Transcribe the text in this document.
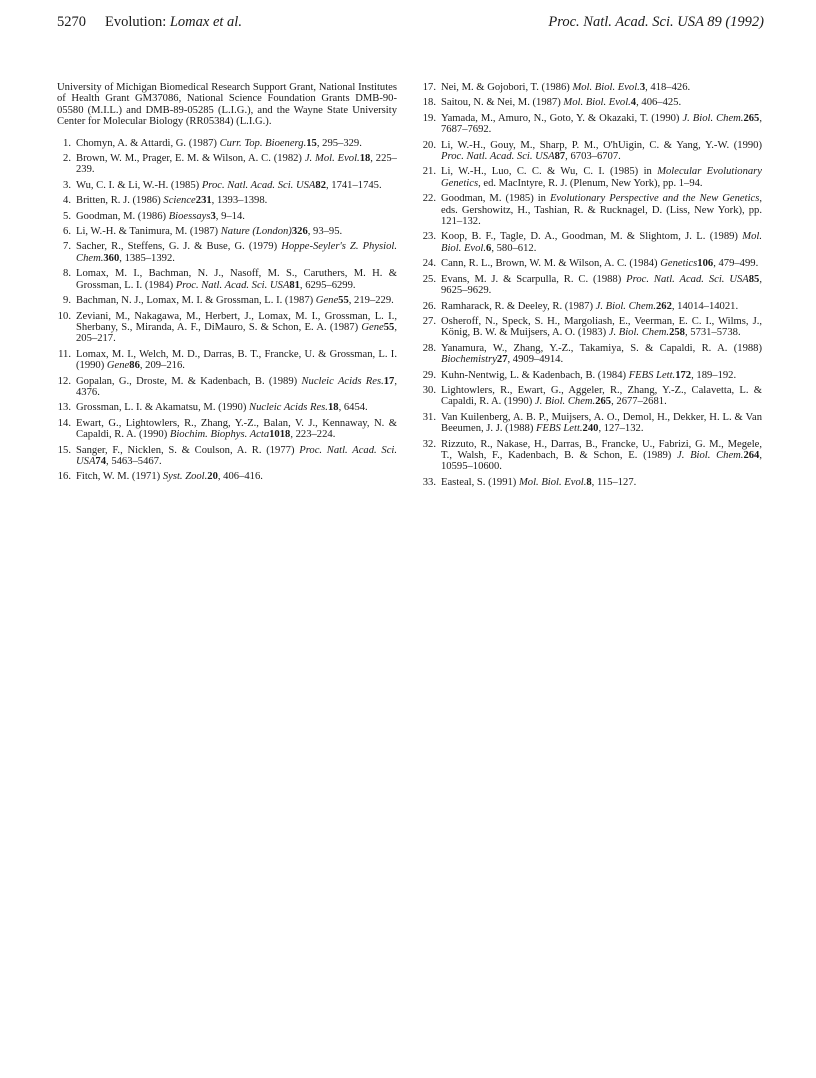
5270 Evolution: Lomax et al.	Proc. Natl. Acad. Sci. USA 89 (1992)

University of Michigan Biomedical Research Support Grant, National Institutes of Health Grant GM37086, National Science Foundation Grants DMB-90-05580 (M.I.L.) and DMB-89-05285 (L.I.G.), and the Wayne State University Center for Molecular Biology (RR05384) (L.I.G.).

1. Chomyn, A. & Attardi, G. (1987) Curr. Top. Bioenerg.15, 295–329.
2. Brown, W. M., Prager, E. M. & Wilson, A. C. (1982) J. Mol. Evol.18, 225–239.
3. Wu, C. I. & Li, W.-H. (1985) Proc. Natl. Acad. Sci. USA82, 1741–1745.
4. Britten, R. J. (1986) Science231, 1393–1398.
5. Goodman, M. (1986) Bioessays3, 9–14.
6. Li, W.-H. & Tanimura, M. (1987) Nature (London)326, 93–95.
7. Sacher, R., Steffens, G. J. & Buse, G. (1979) Hoppe-Seyler's Z. Physiol. Chem.360, 1385–1392.
8. Lomax, M. I., Bachman, N. J., Nasoff, M. S., Caruthers, M. H. & Grossman, L. I. (1984) Proc. Natl. Acad. Sci. USA81, 6295–6299.
9. Bachman, N. J., Lomax, M. I. & Grossman, L. I. (1987) Gene55, 219–229.
10. Zeviani, M., Nakagawa, M., Herbert, J., Lomax, M. I., Grossman, L. I., Sherbany, S., Miranda, A. F., DiMauro, S. & Schon, E. A. (1987) Gene55, 205–217.
11. Lomax, M. I., Welch, M. D., Darras, B. T., Francke, U. & Grossman, L. I. (1990) Gene86, 209–216.
12. Gopalan, G., Droste, M. & Kadenbach, B. (1989) Nucleic Acids Res.17, 4376.
13. Grossman, L. I. & Akamatsu, M. (1990) Nucleic Acids Res.18, 6454.
14. Ewart, G., Lightowlers, R., Zhang, Y.-Z., Balan, V. J., Kennaway, N. & Capaldi, R. A. (1990) Biochim. Biophys. Acta1018, 223–224.
15. Sanger, F., Nicklen, S. & Coulson, A. R. (1977) Proc. Natl. Acad. Sci. USA74, 5463–5467.
16. Fitch, W. M. (1971) Syst. Zool.20, 406–416.
17. Nei, M. & Gojobori, T. (1986) Mol. Biol. Evol.3, 418–426.
18. Saitou, N. & Nei, M. (1987) Mol. Biol. Evol.4, 406–425.
19. Yamada, M., Amuro, N., Goto, Y. & Okazaki, T. (1990) J. Biol. Chem.265, 7687–7692.
20. Li, W.-H., Gouy, M., Sharp, P. M., O'hUigin, C. & Yang, Y.-W. (1990) Proc. Natl. Acad. Sci. USA87, 6703–6707.
21. Li, W.-H., Luo, C. C. & Wu, C. I. (1985) in Molecular Evolutionary Genetics, ed. MacIntyre, R. J. (Plenum, New York), pp. 1–94.
22. Goodman, M. (1985) in Evolutionary Perspective and the New Genetics, eds. Gershowitz, H., Tashian, R. & Rucknagel, D. (Liss, New York), pp. 121–132.
23. Koop, B. F., Tagle, D. A., Goodman, M. & Slightom, J. L. (1989) Mol. Biol. Evol.6, 580–612.
24. Cann, R. L., Brown, W. M. & Wilson, A. C. (1984) Genetics106, 479–499.
25. Evans, M. J. & Scarpulla, R. C. (1988) Proc. Natl. Acad. Sci. USA85, 9625–9629.
26. Ramharack, R. & Deeley, R. (1987) J. Biol. Chem.262, 14014–14021.
27. Osheroff, N., Speck, S. H., Margoliash, E., Veerman, E. C. I., Wilms, J., König, B. W. & Muijsers, A. O. (1983) J. Biol. Chem.258, 5731–5738.
28. Yanamura, W., Zhang, Y.-Z., Takamiya, S. & Capaldi, R. A. (1988) Biochemistry27, 4909–4914.
29. Kuhn-Nentwig, L. & Kadenbach, B. (1984) FEBS Lett.172, 189–192.
30. Lightowlers, R., Ewart, G., Aggeler, R., Zhang, Y.-Z., Calavetta, L. & Capaldi, R. A. (1990) J. Biol. Chem.265, 2677–2681.
31. Van Kuilenberg, A. B. P., Muijsers, A. O., Demol, H., Dekker, H. L. & Van Beeumen, J. J. (1988) FEBS Lett.240, 127–132.
32. Rizzuto, R., Nakase, H., Darras, B., Francke, U., Fabrizi, G. M., Megele, T., Walsh, F., Kadenbach, B. & Schon, E. (1989) J. Biol. Chem.264, 10595–10600.
33. Easteal, S. (1991) Mol. Biol. Evol.8, 115–127.
